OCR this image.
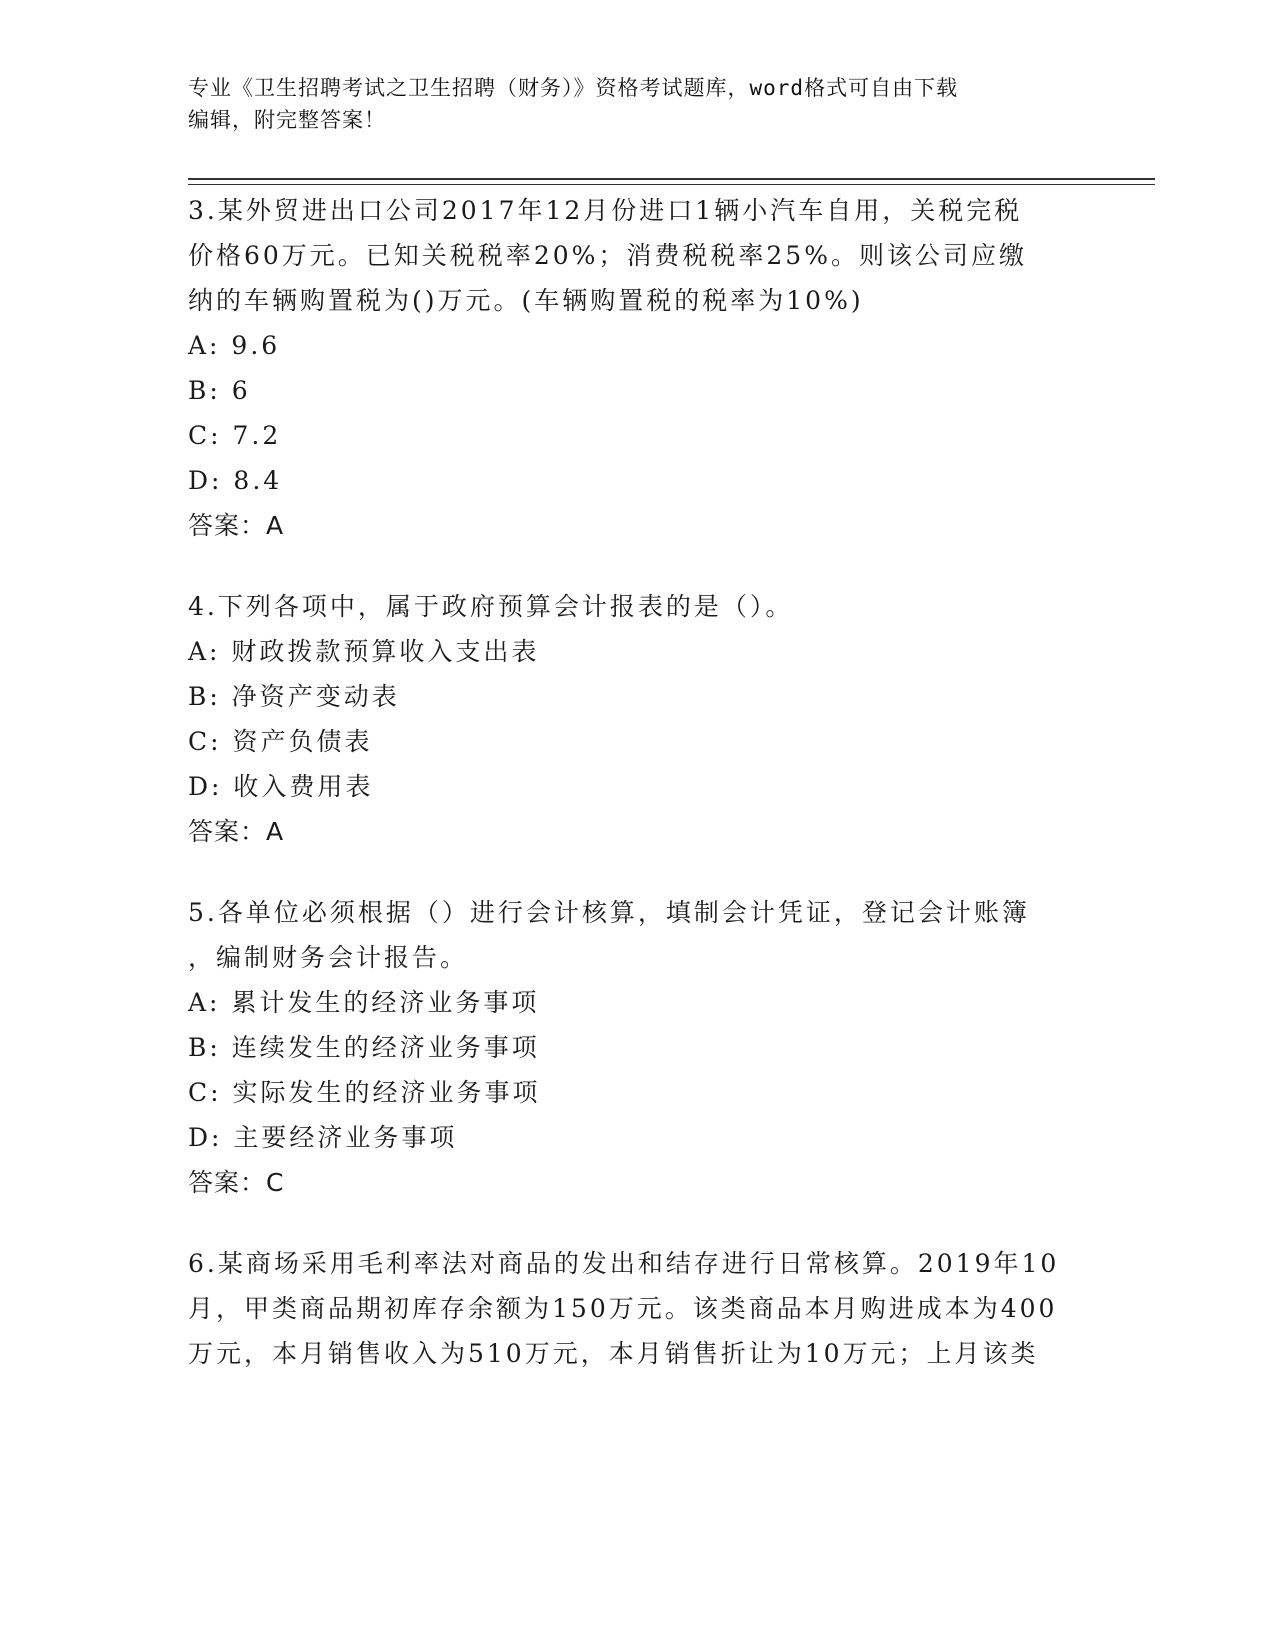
专业《卫生招聘考试之卫生招聘（财务）》资格考试题库，word格式可自由下载
编辑，附完整答案！
3.某外贸进出口公司2017年12月份进口1辆小汽车自用，关税完税
价格60万元。已知关税税率20%；消费税税率25%。则该公司应缴
纳的车辆购置税为()万元。(车辆购置税的税率为10%)
A: 9.6
B: 6
C: 7.2
D: 8.4
答案：A
4.下列各项中，属于政府预算会计报表的是（）。
A: 财政拨款预算收入支出表
B: 净资产变动表
C: 资产负债表
D: 收入费用表
答案：A
5.各单位必须根据（）进行会计核算，填制会计凭证，登记会计账簿
，编制财务会计报告。
A: 累计发生的经济业务事项
B: 连续发生的经济业务事项
C: 实际发生的经济业务事项
D: 主要经济业务事项
答案：C
6.某商场采用毛利率法对商品的发出和结存进行日常核算。2019年10
月，甲类商品期初库存余额为150万元。该类商品本月购进成本为400
万元，本月销售收入为510万元，本月销售折让为10万元；上月该类
